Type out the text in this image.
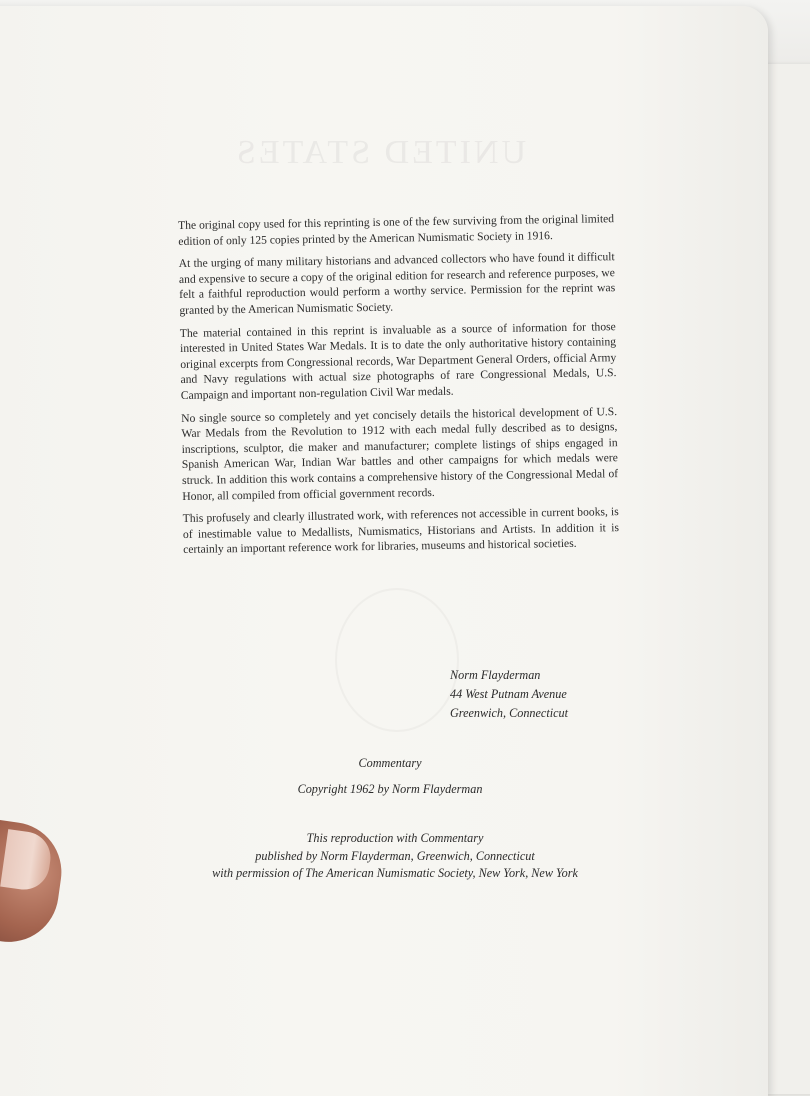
UNITED STATES

The original copy used for this reprinting is one of the few surviving from the original limited edition of only 125 copies printed by the American Numismatic Society in 1916.

At the urging of many military historians and advanced collectors who have found it difficult and expensive to secure a copy of the original edition for research and reference purposes, we felt a faithful reproduction would perform a worthy service. Permission for the reprint was granted by the American Numismatic Society.

The material contained in this reprint is invaluable as a source of information for those interested in United States War Medals. It is to date the only authoritative history containing original excerpts from Congressional records, War Department General Orders, official Army and Navy regulations with actual size photographs of rare Congressional Medals, U.S. Campaign and important non-regulation Civil War medals.

No single source so completely and yet concisely details the historical development of U.S. War Medals from the Revolution to 1912 with each medal fully described as to designs, inscriptions, sculptor, die maker and manufacturer; complete listings of ships engaged in Spanish American War, Indian War battles and other campaigns for which medals were struck. In addition this work contains a comprehensive history of the Congressional Medal of Honor, all compiled from official government records.

This profusely and clearly illustrated work, with references not accessible in current books, is of inestimable value to Medallists, Numismatics, Historians and Artists. In addition it is certainly an important reference work for libraries, museums and historical societies.

Norm Flayderman
44 West Putnam Avenue
Greenwich, Connecticut
Commentary
Copyright 1962 by Norm Flayderman
This reproduction with Commentary
published by Norm Flayderman, Greenwich, Connecticut
with permission of The American Numismatic Society, New York, New York
